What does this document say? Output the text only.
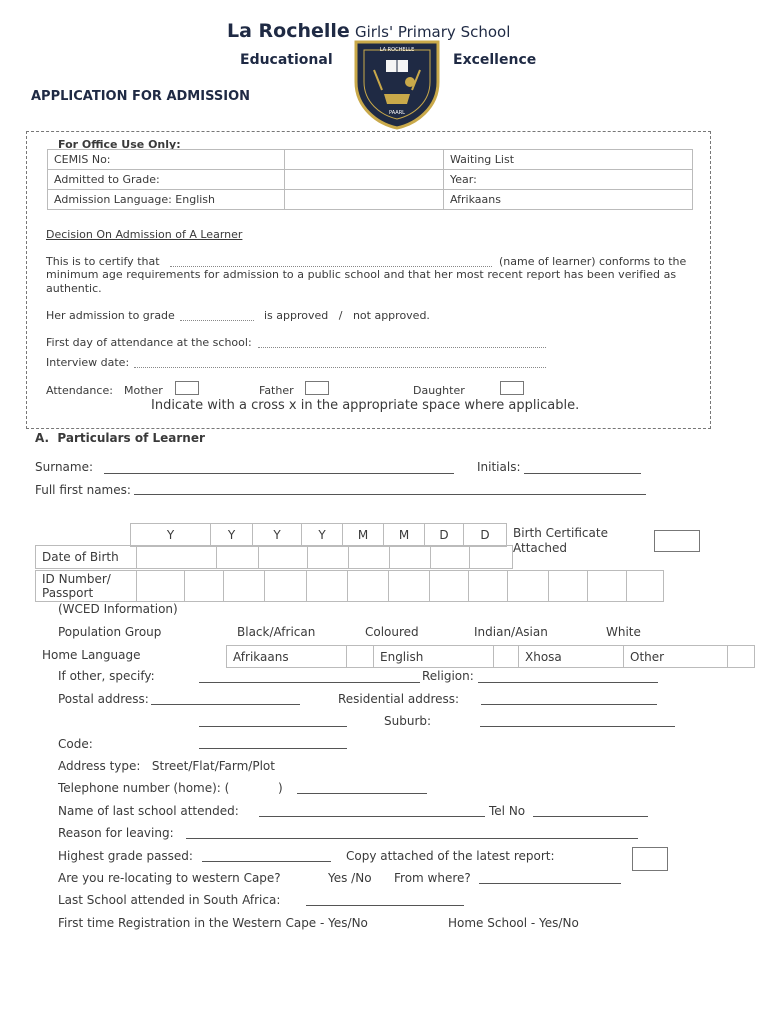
La Rochelle Girls' Primary School
Educational	Excellence
LA ROCHELLE
PAARL
APPLICATION FOR ADMISSION
For Office Use Only:
CEMIS No:		Waiting List
Admitted to Grade:		Year:
Admission Language: English		Afrikaans
Decision On Admission of A Learner
This is to certify that	(name of learner) conforms to the
minimum age requirements for admission to a public school and that her most recent report has been verified as
authentic.
Her admission to grade	is approved   /   not approved.
First day of attendance at the school:
Interview date:
Attendance: Mother	Father	Daughter
Indicate with a cross x in the appropriate space where applicable.
A.  Particulars of Learner
Surname:	Initials:
Full first names:
Y	Y	Y	Y	M	M	D	D Birth Certificate
Attached
Date of Birth								
ID Number/
Passport

(WCED Information)
Population Group	Black/African	Coloured	Indian/Asian	White
Home Language	Afrikaans		English		Xhosa	Other	
If other, specify:	Religion:
Postal address:	Residential address:
Suburb:
Code:
Address type:   Street/Flat/Farm/Plot
Telephone number (home): (	)
Name of last school attended:	Tel No
Reason for leaving:
Highest grade passed:	Copy attached of the latest report:
Are you re-locating to western Cape?	Yes /No From where?
Last School attended in South Africa:
First time Registration in the Western Cape - Yes/No	Home School - Yes/No
